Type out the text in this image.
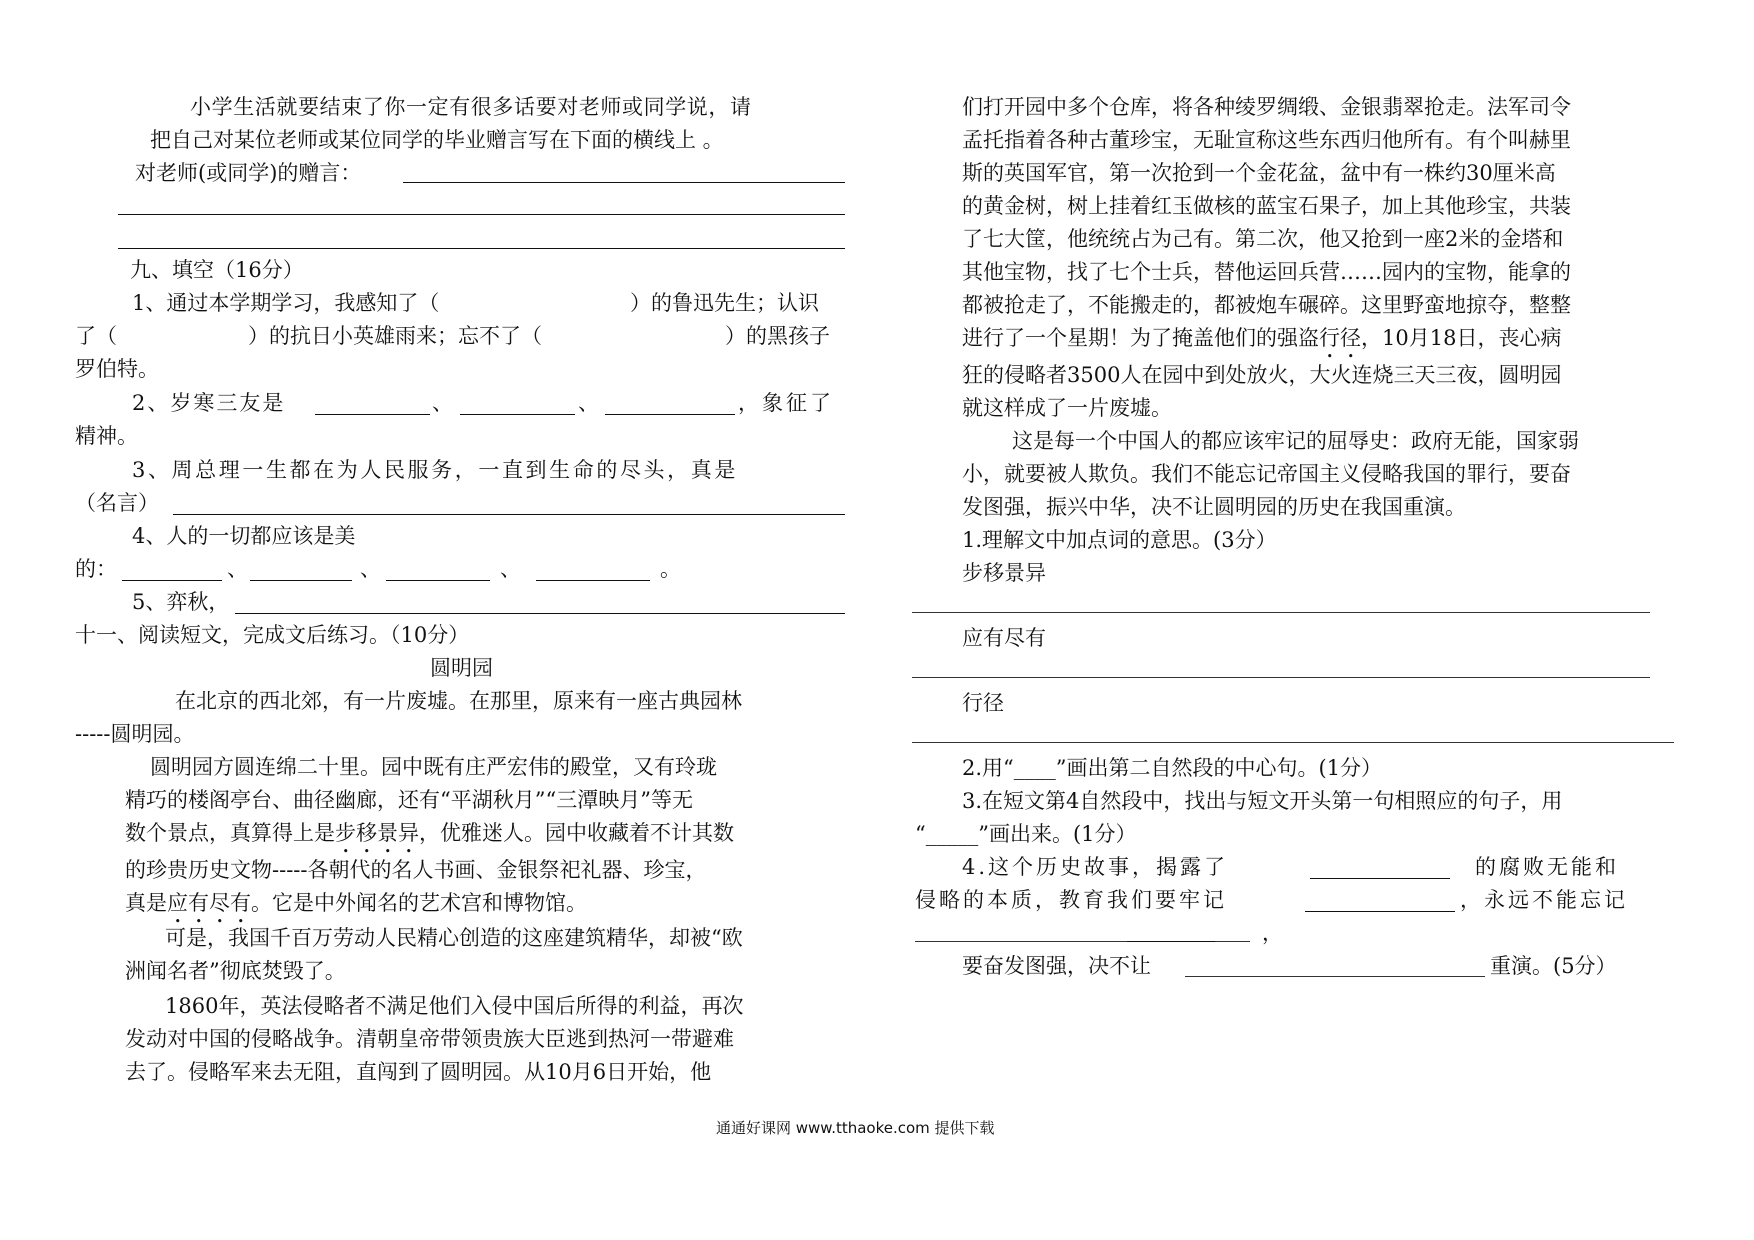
小学生活就要结束了你一定有很多话要对老师或同学说，请
把自己对某位老师或某位同学的毕业赠言写在下面的横线上 。
对老师(或同学)的赠言：
九、填空（16分）
1、通过本学期学习，我感知了（	）的鲁迅先生；认识
了（	）的抗日小英雄雨来；忘不了（	）的黑孩子
罗伯特。
2、岁寒三友是	、	、	，象征了
精神。
3、周总理一生都在为人民服务，一直到生命的尽头，真是
（名言）
4、人的一切都应该是美
的：	、	、	、	。
5、弈秋，
十一、阅读短文，完成文后练习。（10分）
圆明园
在北京的西北郊，有一片废墟。在那里，原来有一座古典园林
-----圆明园。
圆明园方圆连绵二十里。园中既有庄严宏伟的殿堂，又有玲珑
精巧的楼阁亭台、曲径幽廊，还有“平湖秋月”“三潭映月”等无
数个景点，真算得上是步移景异，优雅迷人。园中收藏着不计其数
的珍贵历史文物-----各朝代的名人书画、金银祭祀礼器、珍宝，
真是应有尽有。它是中外闻名的艺术宫和博物馆。
可是，我国千百万劳动人民精心创造的这座建筑精华，却被“欧
洲闻名者”彻底焚毁了。
1860年，英法侵略者不满足他们入侵中国后所得的利益，再次
发动对中国的侵略战争。清朝皇帝带领贵族大臣逃到热河一带避难
去了。侵略军来去无阻，直闯到了圆明园。从10月6日开始，他
们打开园中多个仓库，将各种绫罗绸缎、金银翡翠抢走。法军司令
孟托指着各种古董珍宝，无耻宣称这些东西归他所有。有个叫赫里
斯的英国军官，第一次抢到一个金花盆，盆中有一株约30厘米高
的黄金树，树上挂着红玉做核的蓝宝石果子，加上其他珍宝，共装
了七大筐，他统统占为己有。第二次，他又抢到一座2米的金塔和
其他宝物，找了七个士兵，替他运回兵营……园内的宝物，能拿的
都被抢走了，不能搬走的，都被炮车碾碎。这里野蛮地掠夺，整整
进行了一个星期！为了掩盖他们的强盗行径，10月18日，丧心病
狂的侵略者3500人在园中到处放火，大火连烧三天三夜，圆明园
就这样成了一片废墟。
这是每一个中国人的都应该牢记的屈辱史：政府无能，国家弱
小，就要被人欺负。我们不能忘记帝国主义侵略我国的罪行，要奋
发图强，振兴中华，决不让圆明园的历史在我国重演。
1.理解文中加点词的意思。(3分）
步移景异
应有尽有
行径
2.用“____”画出第二自然段的中心句。(1分）
3.在短文第4自然段中，找出与短文开头第一句相照应的句子，用
“_____”画出来。(1分）
4.这个历史故事，揭露了	的腐败无能和
侵略的本质，教育我们要牢记	，永远不能忘记
，
要奋发图强，决不让	重演。(5分）
通通好课网 www.tthaoke.com 提供下载
